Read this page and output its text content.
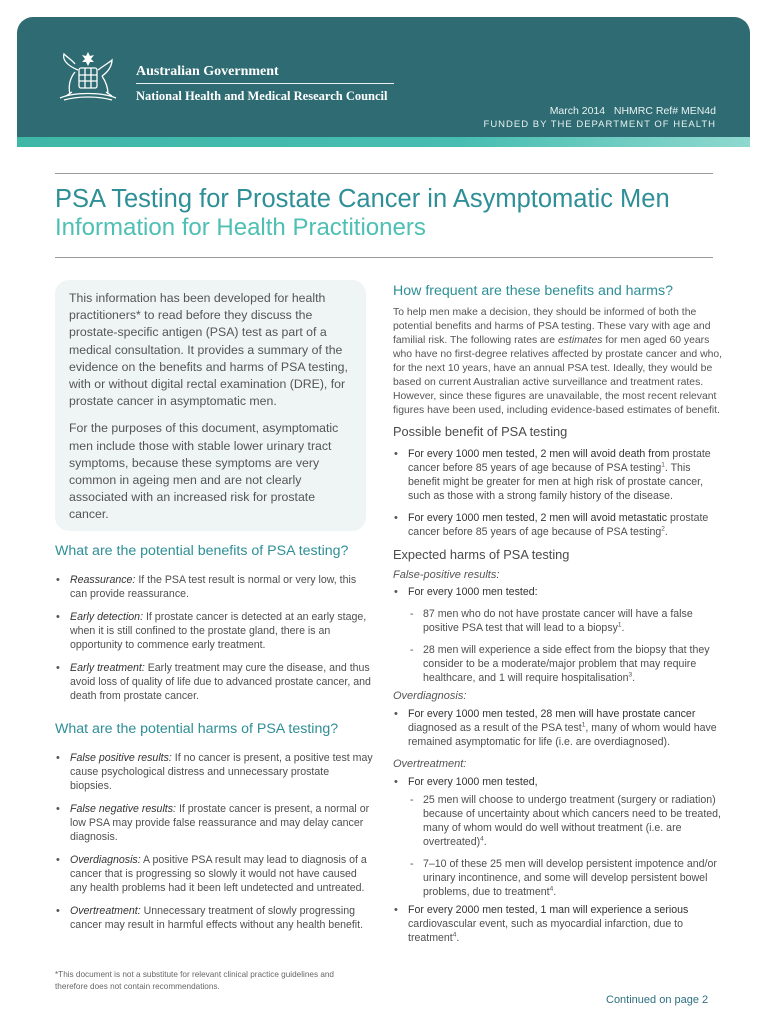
Australian Government
National Health and Medical Research Council
March 2014   NHMRC Ref# MEN4d
FUNDED BY THE DEPARTMENT OF HEALTH
PSA Testing for Prostate Cancer in Asymptomatic Men
Information for Health Practitioners

This information has been developed for health practitioners* to read before they discuss the prostate-specific antigen (PSA) test as part of a medical consultation. It provides a summary of the evidence on the benefits and harms of PSA testing, with or without digital rectal examination (DRE), for prostate cancer in asymptomatic men.

For the purposes of this document, asymptomatic men include those with stable lower urinary tract symptoms, because these symptoms are very common in ageing men and are not clearly associated with an increased risk for prostate cancer.

What are the potential benefits of PSA testing?
• Reassurance: If the PSA test result is normal or very low, this can provide reassurance.
• Early detection: If prostate cancer is detected at an early stage, when it is still confined to the prostate gland, there is an opportunity to commence early treatment.
• Early treatment: Early treatment may cure the disease, and thus avoid loss of quality of life due to advanced prostate cancer, and death from prostate cancer.
What are the potential harms of PSA testing?
• False positive results: If no cancer is present, a positive test may cause psychological distress and unnecessary prostate biopsies.
• False negative results: If prostate cancer is present, a normal or low PSA may provide false reassurance and may delay cancer diagnosis.
• Overdiagnosis: A positive PSA result may lead to diagnosis of a cancer that is progressing so slowly it would not have caused any health problems had it been left undetected and untreated.
• Overtreatment: Unnecessary treatment of slowly progressing cancer may result in harmful effects without any health benefit.
*This document is not a substitute for relevant clinical practice guidelines and therefore does not contain recommendations.
How frequent are these benefits and harms?

To help men make a decision, they should be informed of both the potential benefits and harms of PSA testing. These vary with age and familial risk. The following rates are estimates for men aged 60 years who have no first-degree relatives affected by prostate cancer and who, for the next 10 years, have an annual PSA test. Ideally, they would be based on current Australian active surveillance and treatment rates. However, since these figures are unavailable, the most recent relevant figures have been used, including evidence-based estimates of benefit.

Possible benefit of PSA testing
• For every 1000 men tested, 2 men will avoid death from prostate cancer before 85 years of age because of PSA testing$^1$. This benefit might be greater for men at high risk of prostate cancer, such as those with a strong family history of the disease.
• For every 1000 men tested, 2 men will avoid metastatic prostate cancer before 85 years of age because of PSA testing$^2$.
Expected harms of PSA testing
False-positive results:
• For every 1000 men tested:
- 87 men who do not have prostate cancer will have a false positive PSA test that will lead to a biopsy$^1$.
- 28 men will experience a side effect from the biopsy that they consider to be a moderate/major problem that may require healthcare, and 1 will require hospitalisation$^3$.
Overdiagnosis:
• For every 1000 men tested, 28 men will have prostate cancer diagnosed as a result of the PSA test$^1$, many of whom would have remained asymptomatic for life (i.e. are overdiagnosed).
Overtreatment:
• For every 1000 men tested,
- 25 men will choose to undergo treatment (surgery or radiation) because of uncertainty about which cancers need to be treated, many of whom would do well without treatment (i.e. are overtreated)$^4$.
- 7–10 of these 25 men will develop persistent impotence and/or urinary incontinence, and some will develop persistent bowel problems, due to treatment$^4$.
• For every 2000 men tested, 1 man will experience a serious cardiovascular event, such as myocardial infarction, due to treatment$^4$.
Continued on page 2
